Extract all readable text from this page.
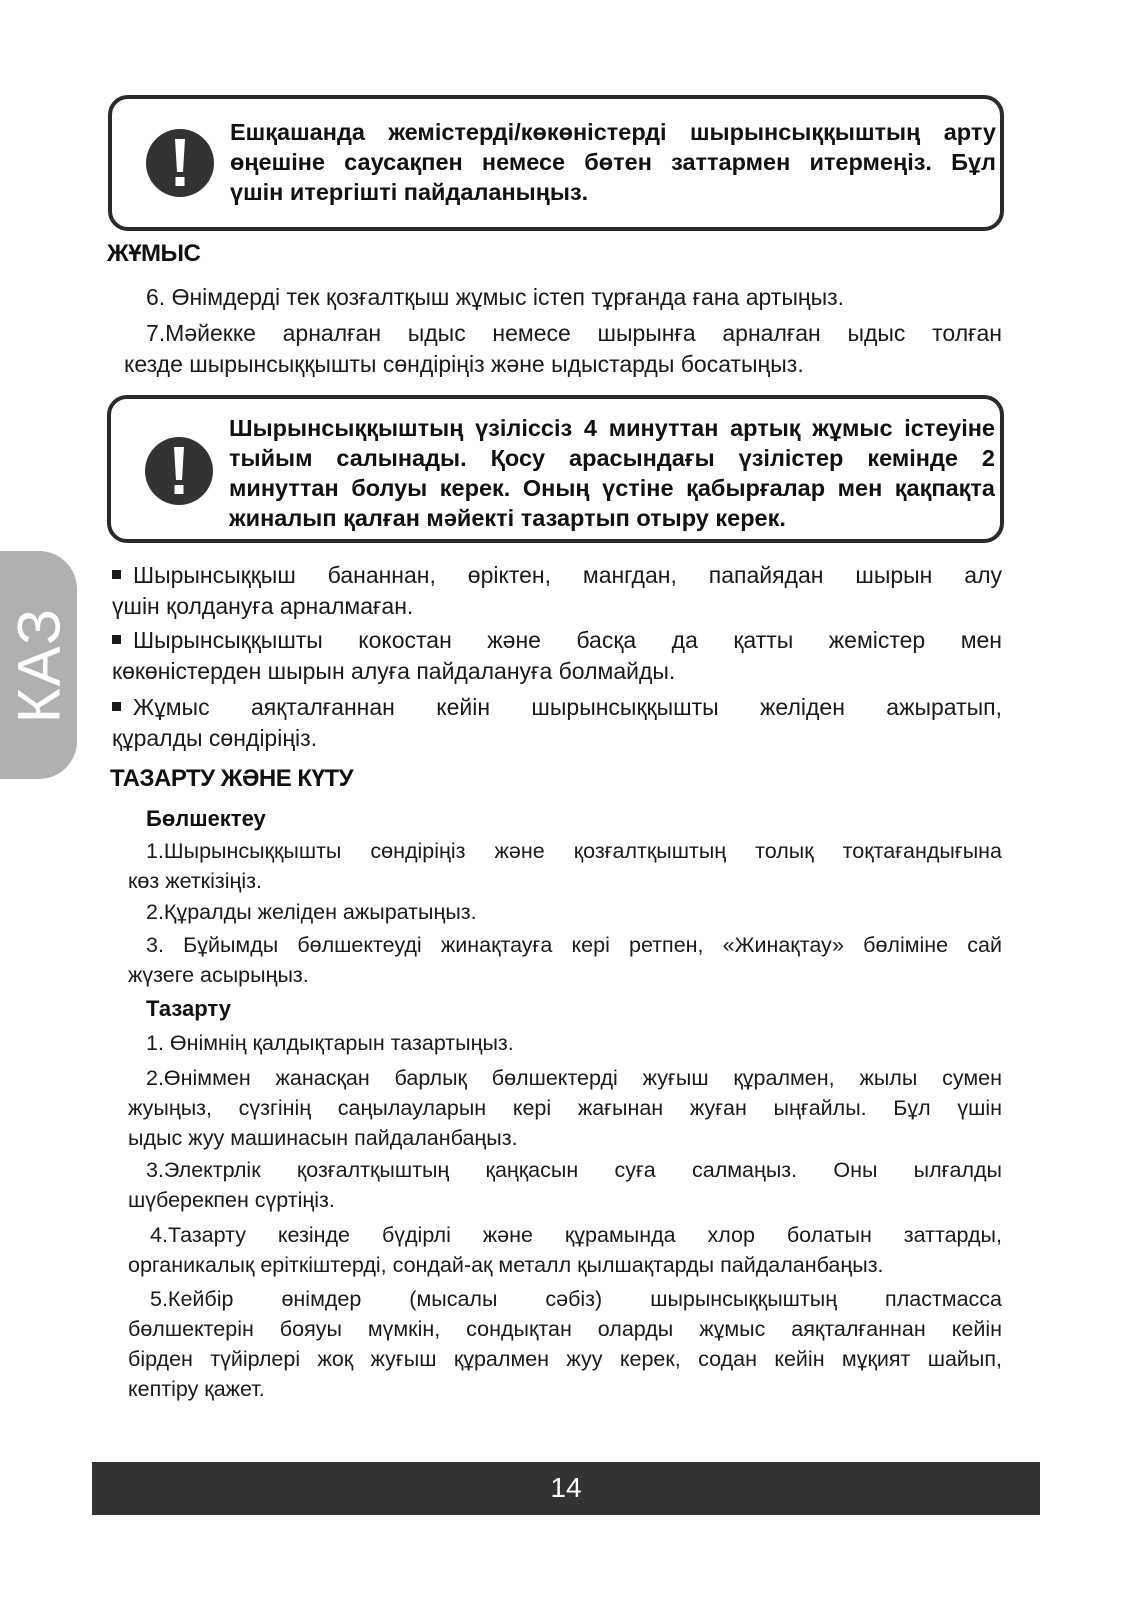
Ешқашанда жемістерді/көкөністерді шырынсыққыштың арту
өңешіне саусақпен немесе бөтен заттармен итермеңіз. Бұл
үшін итергішті пайдаланыңыз.
ЖҰМЫС
6. Өнімдерді тек қозғалтқыш жұмыс істеп тұрғанда ғана артыңыз.
7.Мәйекке арналған ыдыс немесе шырынға арналған ыдыс толған
кезде шырынсыққышты сөндіріңіз және ыдыстарды босатыңыз.
Шырынсыққыштың үзіліссіз 4 минуттан артық жұмыс істеуіне
тыйым салынады. Қосу арасындағы үзілістер кемінде 2
минуттан болуы керек. Оның үстіне қабырғалар мен қақпақта
жиналып қалған мәйекті тазартып отыру керек.
КАЗ
Шырынсыққыш бананнан, өріктен, мангдан, папайядан шырын алу
үшін қолдануға арналмаған.
Шырынсыққышты кокостан және басқа да қатты жемістер мен
көкөністерден шырын алуға пайдалануға болмайды.
Жұмыс аяқталғаннан кейін шырынсыққышты желіден ажыратып,
құралды сөндіріңіз.
ТАЗАРТУ ЖӘНЕ КҮТУ
Бөлшектеу
1.Шырынсыққышты сөндіріңіз және қозғалтқыштың толық тоқтағандығына
көз жеткізіңіз.
2.Құралды желіден ажыратыңыз.
3. Бұйымды бөлшектеуді жинақтауға кері ретпен, «Жинақтау» бөліміне сай
жүзеге асырыңыз.
Тазарту
1. Өнімнің қалдықтарын тазартыңыз.
2.Өніммен жанасқан барлық бөлшектерді жуғыш құралмен, жылы сумен
жуыңыз, сүзгінің саңылауларын кері жағынан жуған ыңғайлы. Бұл үшін
ыдыс жуу машинасын пайдаланбаңыз.
3.Электрлік қозғалтқыштың қаңқасын суға салмаңыз. Оны ылғалды
шүберекпен сүртіңіз.
4.Тазарту кезінде бүдірлі және құрамында хлор болатын заттарды,
органикалық еріткіштерді, сондай-ақ металл қылшақтарды пайдаланбаңыз.
5.Кейбір өнімдер (мысалы сәбіз) шырынсыққыштың пластмасса
бөлшектерін бояуы мүмкін, сондықтан оларды жұмыс аяқталғаннан кейін
бірден түйірлері жоқ жуғыш құралмен жуу керек, содан кейін мұқият шайып,
кептіру қажет.
14
